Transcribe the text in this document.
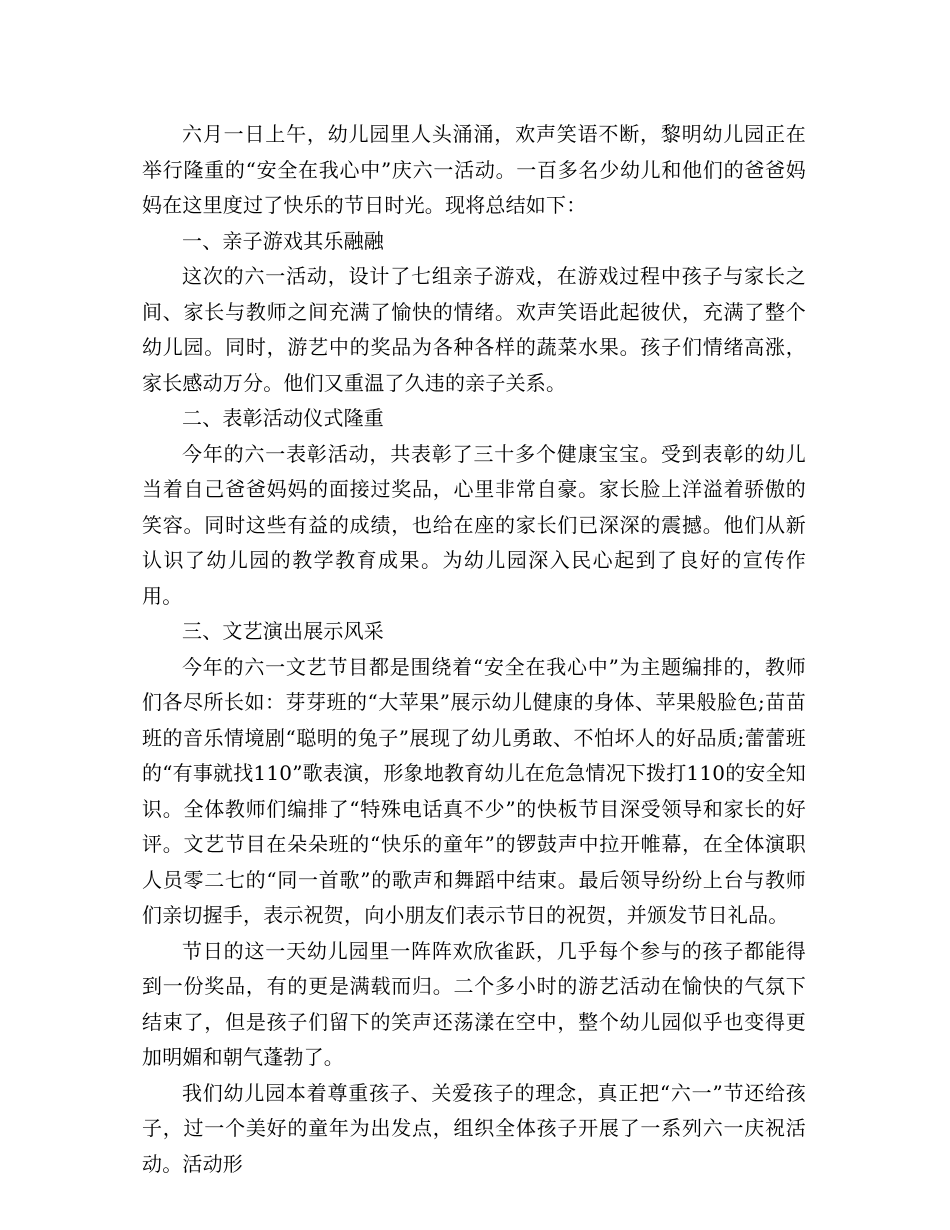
六月一日上午，幼儿园里人头涌涌，欢声笑语不断，黎明幼儿园正在举行隆重的“安全在我心中”庆六一活动。一百多名少幼儿和他们的爸爸妈妈在这里度过了快乐的节日时光。现将总结如下：

一、亲子游戏其乐融融

这次的六一活动，设计了七组亲子游戏，在游戏过程中孩子与家长之间、家长与教师之间充满了愉快的情绪。欢声笑语此起彼伏，充满了整个幼儿园。同时，游艺中的奖品为各种各样的蔬菜水果。孩子们情绪高涨，家长感动万分。他们又重温了久违的亲子关系。

二、表彰活动仪式隆重

今年的六一表彰活动，共表彰了三十多个健康宝宝。受到表彰的幼儿当着自己爸爸妈妈的面接过奖品，心里非常自豪。家长脸上洋溢着骄傲的笑容。同时这些有益的成绩，也给在座的家长们已深深的震撼。他们从新认识了幼儿园的教学教育成果。为幼儿园深入民心起到了良好的宣传作用。

三、文艺演出展示风采

今年的六一文艺节目都是围绕着“安全在我心中”为主题编排的，教师们各尽所长如：芽芽班的“大苹果”展示幼儿健康的身体、苹果般脸色;苗苗班的音乐情境剧“聪明的兔子”展现了幼儿勇敢、不怕坏人的好品质;蕾蕾班的“有事就找110”歌表演，形象地教育幼儿在危急情况下拨打110的安全知识。全体教师们编排了“特殊电话真不少”的快板节目深受领导和家长的好评。文艺节目在朵朵班的“快乐的童年”的锣鼓声中拉开帷幕，在全体演职人员零二七的“同一首歌”的歌声和舞蹈中结束。最后领导纷纷上台与教师们亲切握手，表示祝贺，向小朋友们表示节日的祝贺，并颁发节日礼品。

节日的这一天幼儿园里一阵阵欢欣雀跃，几乎每个参与的孩子都能得到一份奖品，有的更是满载而归。二个多小时的游艺活动在愉快的气氛下结束了，但是孩子们留下的笑声还荡漾在空中，整个幼儿园似乎也变得更加明媚和朝气蓬勃了。

我们幼儿园本着尊重孩子、关爱孩子的理念，真正把“六一”节还给孩子，过一个美好的童年为出发点，组织全体孩子开展了一系列六一庆祝活动。活动形
